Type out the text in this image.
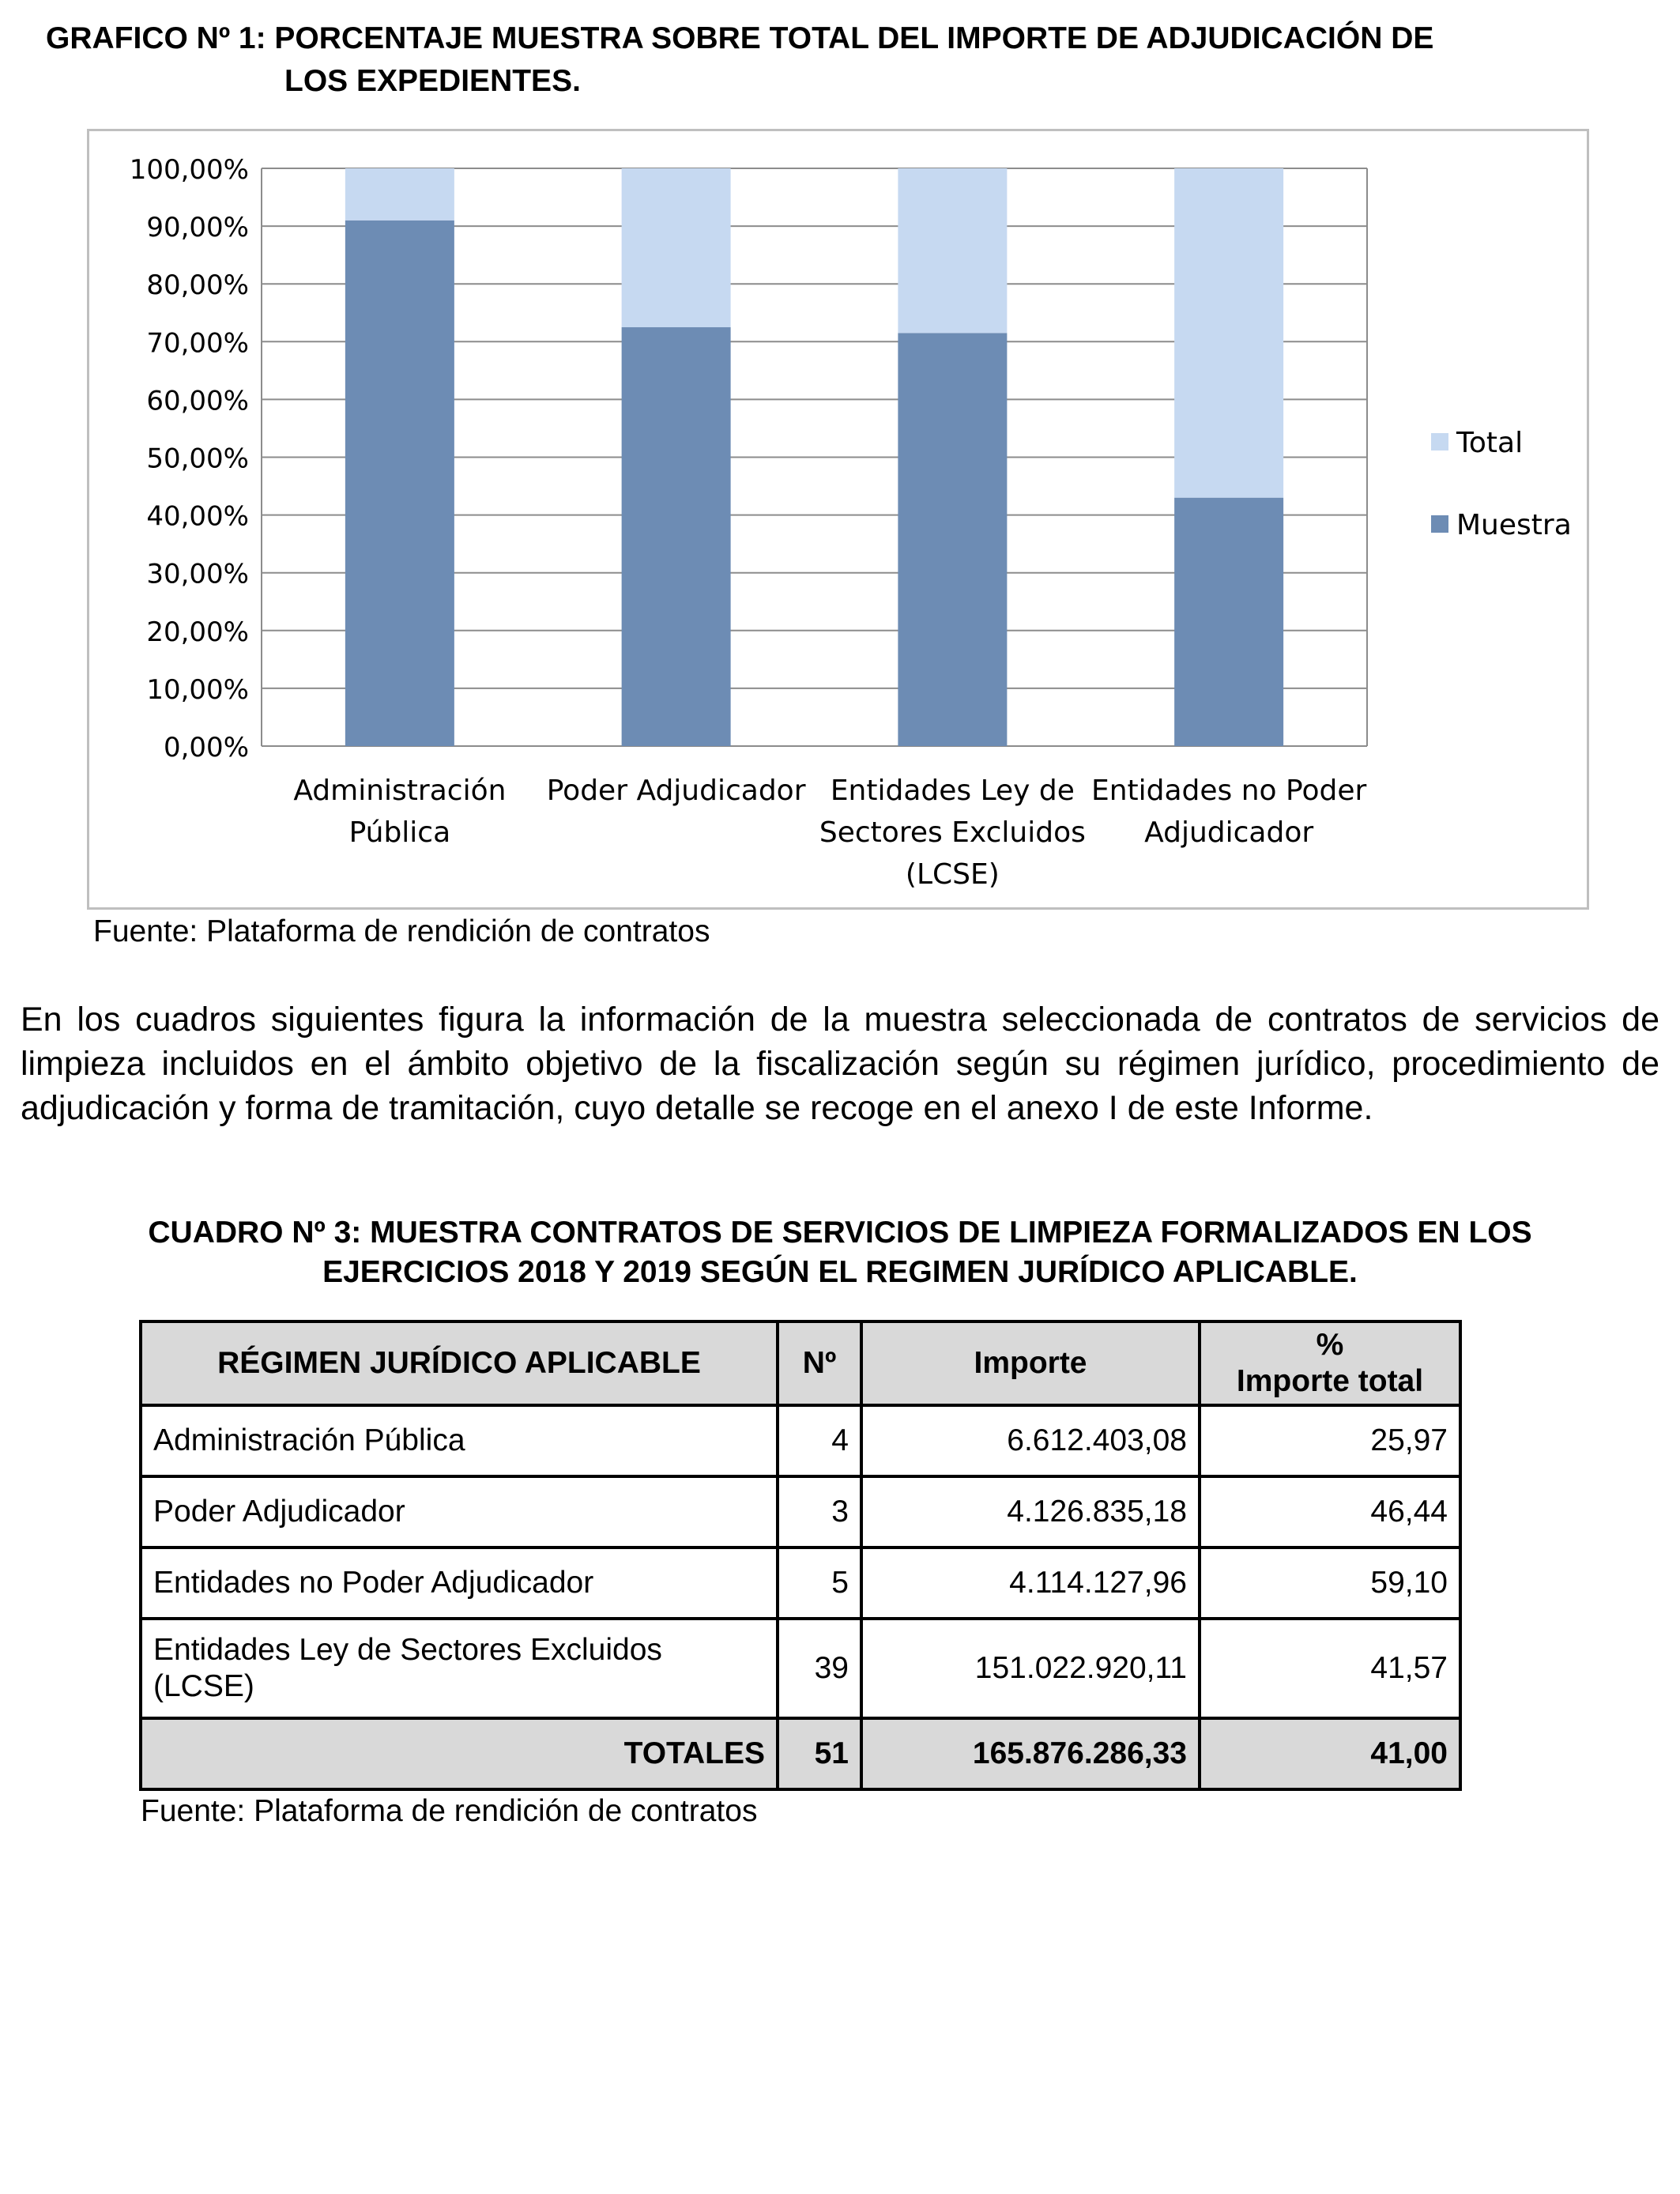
GRAFICO Nº 1: PORCENTAJE MUESTRA SOBRE TOTAL DEL IMPORTE DE ADJUDICACIÓN DE
LOS EXPEDIENTES.
0,00%
10,00%
20,00%
30,00%
40,00%
50,00%
60,00%
70,00%
80,00%
90,00%
100,00%
Administración
Pública
Poder Adjudicador Entidades Ley de
Sectores Excluidos
(LCSE)
Entidades no Poder
Adjudicador
Total
Muestra

Fuente: Plataforma de rendición de contratos

En los cuadros siguientes figura la información de la muestra seleccionada de contratos de servicios de limpieza incluidos en el ámbito objetivo de la fiscalización según su régimen jurídico, procedimiento de adjudicación y forma de tramitación, cuyo detalle se recoge en el anexo I de este Informe.

CUADRO Nº 3: MUESTRA CONTRATOS DE SERVICIOS DE LIMPIEZA FORMALIZADOS EN LOS
EJERCICIOS 2018 Y 2019 SEGÚN EL REGIMEN JURÍDICO APLICABLE.
RÉGIMEN JURÍDICO APLICABLE	Nº	Importe	%
Importe total

Administración Pública	4	6.612.403,08	25,97
Poder Adjudicador	3	4.126.835,18	46,44
Entidades no Poder Adjudicador	5	4.114.127,96	59,10
Entidades Ley de Sectores Excluidos (LCSE)	39	151.022.920,11	41,57
TOTALES	51	165.876.286,33	41,00

Fuente: Plataforma de rendición de contratos
